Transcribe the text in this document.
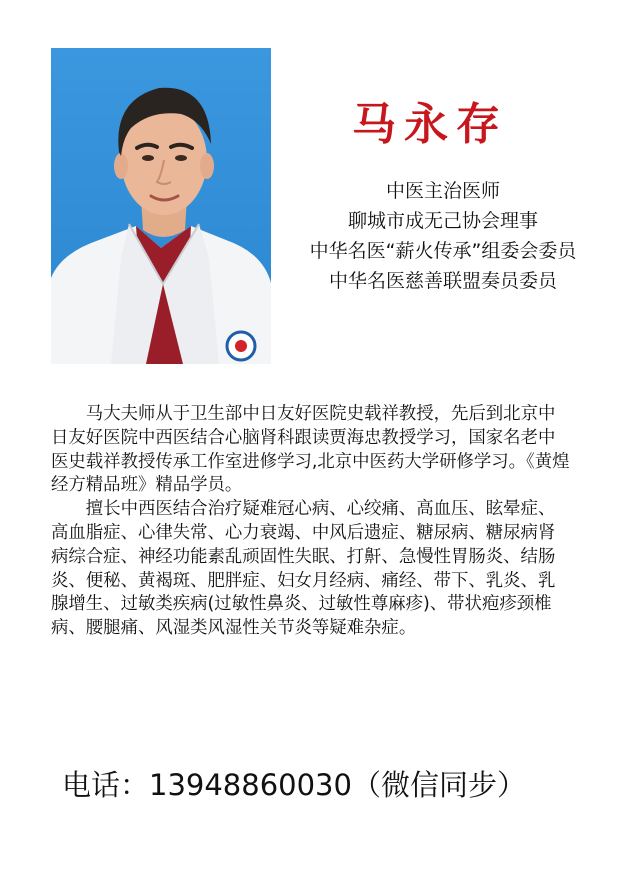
马永存
中医主治医师
聊城市成无己协会理事
中华名医“薪火传承”组委会委员
中华名医慈善联盟奏员委员

马大夫师从于卫生部中日友好医院史载祥教授，先后到北京中日友好医院中西医结合心脑肾科跟读贾海忠教授学习，国家名老中医史载祥教授传承工作室进修学习,北京中医药大学研修学习。《黄煌经方精品班》精品学员。

擅长中西医结合治疗疑难冠心病、心绞痛、高血压、眩晕症、高血脂症、心律失常、心力衰竭、中风后遗症、糖尿病、糖尿病肾病综合症、神经功能素乱顽固性失眠、打鼾、急慢性胃肠炎、结肠炎、便秘、黄褐斑、肥胖症、妇女月经病、痛经、带下、乳炎、乳腺增生、过敏类疾病(过敏性鼻炎、过敏性尊麻疹)、带状疱疹颈椎病、腰腿痛、风湿类风湿性关节炎等疑难杂症。

电话：13948860030（微信同步）
